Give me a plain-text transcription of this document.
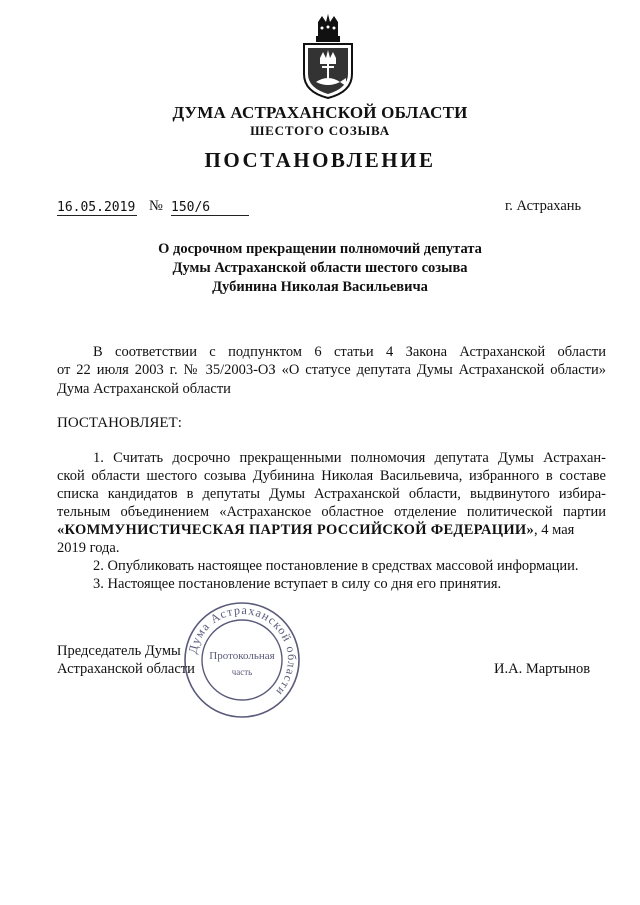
ДУМА АСТРАХАНСКОЙ ОБЛАСТИ
ШЕСТОГО СОЗЫВА
ПОСТАНОВЛЕНИЕ
16.05.2019 № 150/6	г. Астрахань
О досрочном прекращении полномочий депутата
Думы Астраханской области шестого созыва
Дубинина Николая Васильевича
В соответствии с подпунктом 6 статьи 4 Закона Астраханской области
от 22 июля 2003 г. № 35/2003-ОЗ «О статусе депутата Думы Астраханской области»
Дума Астраханской области
ПОСТАНОВЛЯЕТ:
1. Считать досрочно прекращенными полномочия депутата Думы Астрахан-
ской области шестого созыва Дубинина Николая Васильевича, избранного в составе
списка кандидатов в депутаты Думы Астраханской области, выдвинутого избира-
тельным объединением «Астраханское областное отделение политической партии
«КОММУНИСТИЧЕСКАЯ ПАРТИЯ РОССИЙСКОЙ ФЕДЕРАЦИИ», 4 мая
2019 года.
2. Опубликовать настоящее постановление в средствах массовой информации.
3. Настоящее постановление вступает в силу со дня его принятия.
Председатель Думы
Астраханской области	И.А. Мартынов
Дума Астраханской области
Протокольная
часть
